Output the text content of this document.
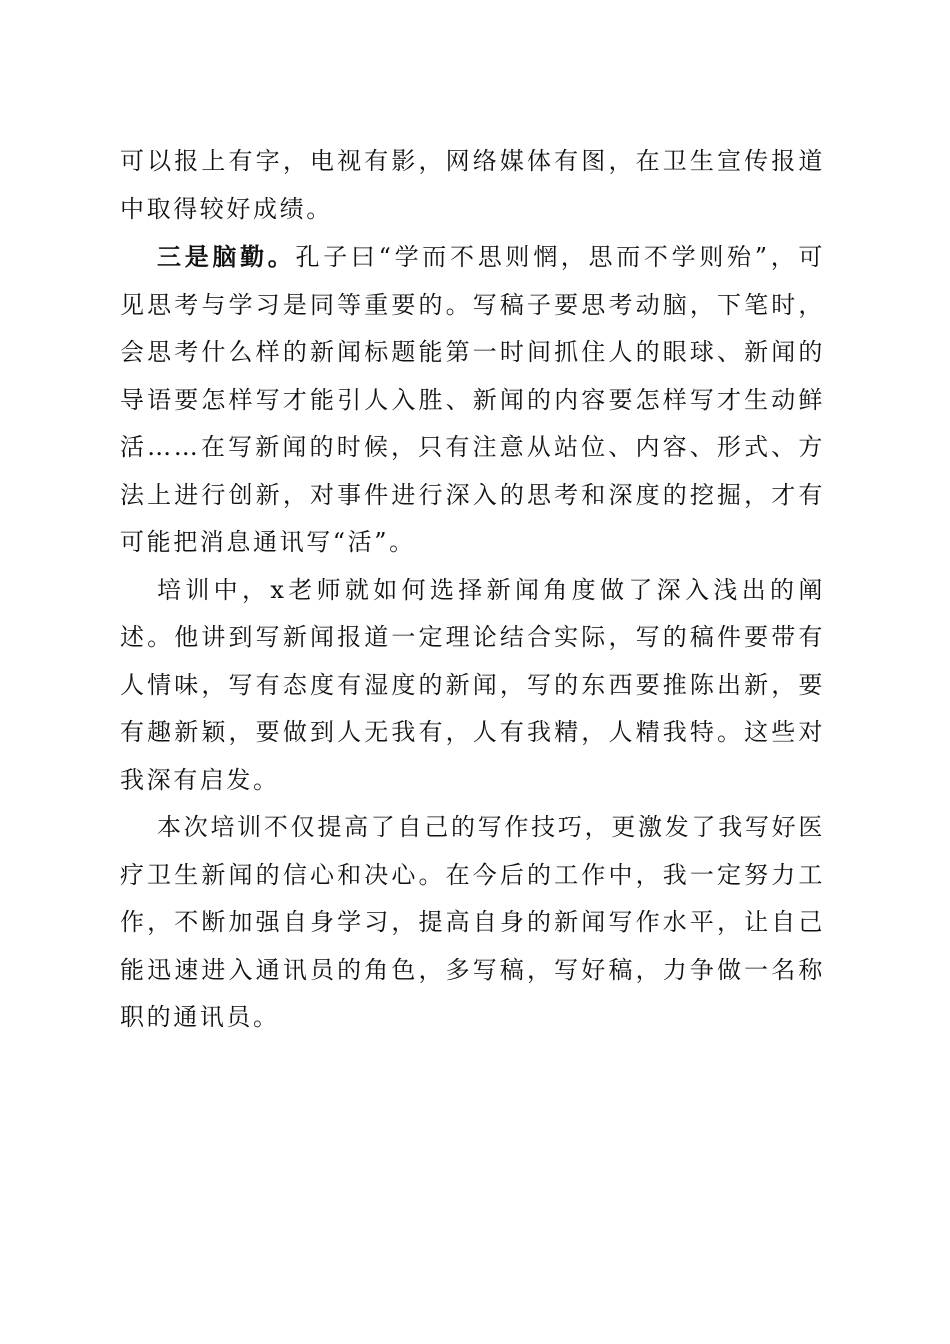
可以报上有字，电视有影，网络媒体有图，在卫生宣传报道中取得较好成绩。

三是脑勤。孔子曰“学而不思则惘，思而不学则殆”，可见思考与学习是同等重要的。写稿子要思考动脑，下笔时，会思考什么样的新闻标题能第一时间抓住人的眼球、新闻的导语要怎样写才能引人入胜、新闻的内容要怎样写才生动鲜活……在写新闻的时候，只有注意从站位、内容、形式、方法上进行创新，对事件进行深入的思考和深度的挖掘，才有可能把消息通讯写“活”。

培训中，x老师就如何选择新闻角度做了深入浅出的阐述。他讲到写新闻报道一定理论结合实际，写的稿件要带有人情味，写有态度有湿度的新闻，写的东西要推陈出新，要有趣新颖，要做到人无我有，人有我精，人精我特。这些对我深有启发。

本次培训不仅提高了自己的写作技巧，更激发了我写好医疗卫生新闻的信心和决心。在今后的工作中，我一定努力工作，不断加强自身学习，提高自身的新闻写作水平，让自己能迅速进入通讯员的角色，多写稿，写好稿，力争做一名称职的通讯员。
